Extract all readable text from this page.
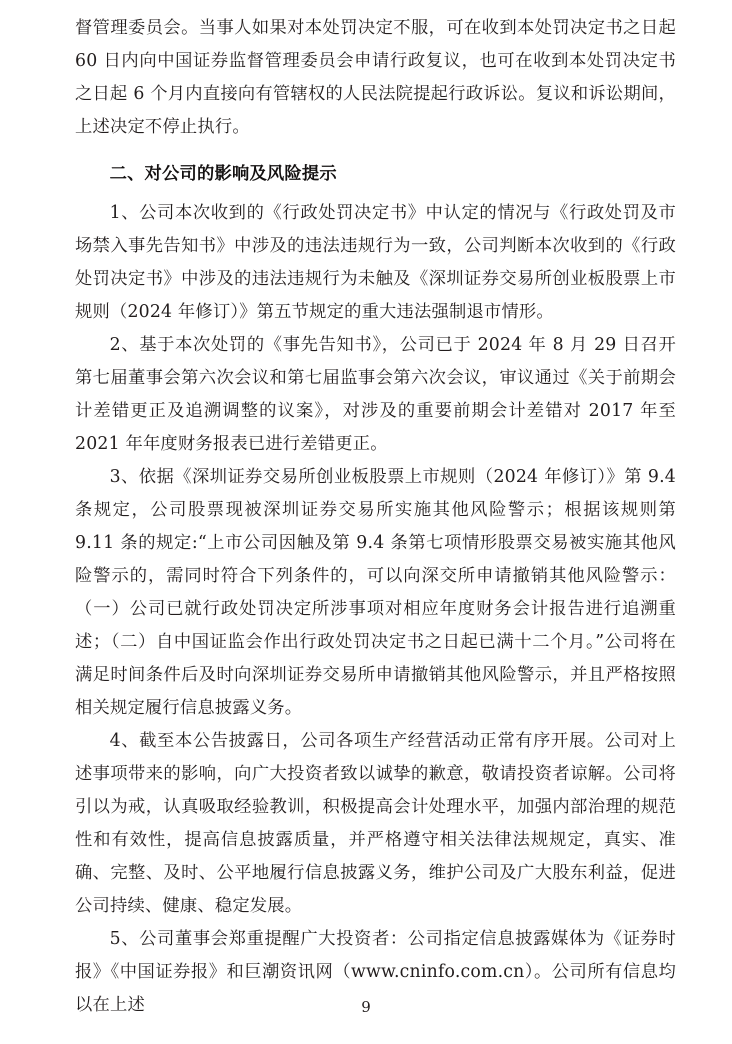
督管理委员会。当事人如果对本处罚决定不服，可在收到本处罚决定书之日起 60 日内向中国证券监督管理委员会申请行政复议，也可在收到本处罚决定书之日起 6 个月内直接向有管辖权的人民法院提起行政诉讼。复议和诉讼期间，上述决定不停止执行。

二、对公司的影响及风险提示

1、公司本次收到的《行政处罚决定书》中认定的情况与《行政处罚及市场禁入事先告知书》中涉及的违法违规行为一致，公司判断本次收到的《行政处罚决定书》中涉及的违法违规行为未触及《深圳证券交易所创业板股票上市规则（2024 年修订）》第五节规定的重大违法强制退市情形。

2、基于本次处罚的《事先告知书》，公司已于 2024 年 8 月 29 日召开第七届董事会第六次会议和第七届监事会第六次会议，审议通过《关于前期会计差错更正及追溯调整的议案》，对涉及的重要前期会计差错对 2017 年至 2021 年年度财务报表已进行差错更正。

3、依据《深圳证券交易所创业板股票上市规则（2024 年修订）》第 9.4 条规定，公司股票现被深圳证券交易所实施其他风险警示；根据该规则第 9.11 条的规定:“上市公司因触及第 9.4 条第七项情形股票交易被实施其他风险警示的，需同时符合下列条件的，可以向深交所申请撤销其他风险警示：（一）公司已就行政处罚决定所涉事项对相应年度财务会计报告进行追溯重述；（二）自中国证监会作出行政处罚决定书之日起已满十二个月。”公司将在满足时间条件后及时向深圳证券交易所申请撤销其他风险警示，并且严格按照相关规定履行信息披露义务。

4、截至本公告披露日，公司各项生产经营活动正常有序开展。公司对上述事项带来的影响，向广大投资者致以诚挚的歉意，敬请投资者谅解。公司将引以为戒，认真吸取经验教训，积极提高会计处理水平，加强内部治理的规范性和有效性，提高信息披露质量，并严格遵守相关法律法规规定，真实、准确、完整、及时、公平地履行信息披露义务，维护公司及广大股东利益，促进公司持续、健康、稳定发展。

5、公司董事会郑重提醒广大投资者：公司指定信息披露媒体为《证券时报》《中国证券报》和巨潮资讯网（www.cninfo.com.cn）。公司所有信息均以在上述	9
